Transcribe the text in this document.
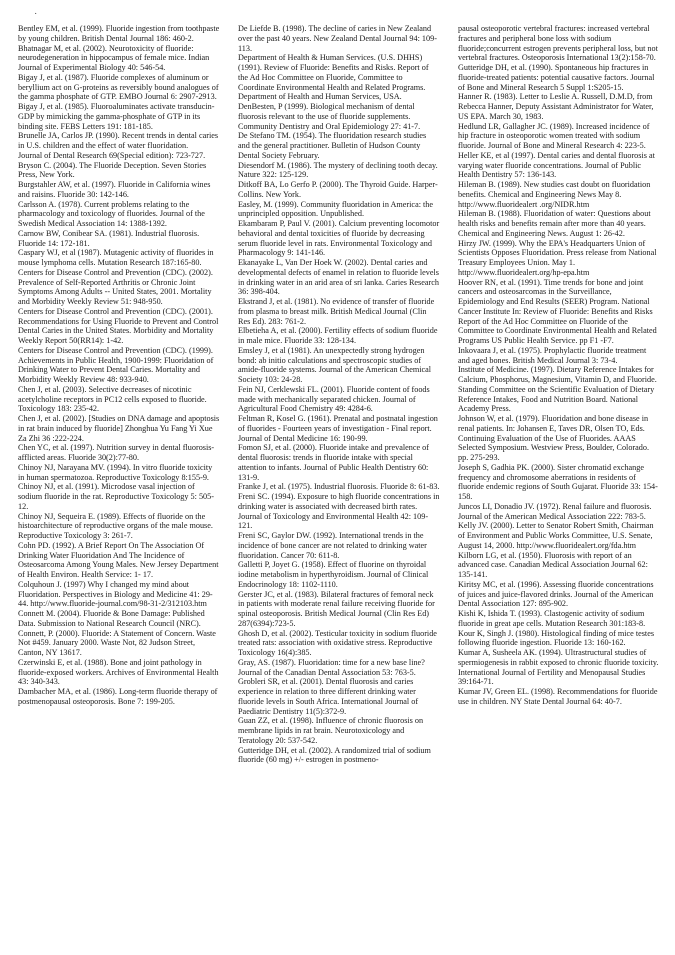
˙

Bentley EM, et al. (1999). Fluoride ingestion from toothpaste by young children. British Dental Journal 186: 460-2.

Bhatnagar M, et al. (2002). Neurotoxicity of fluoride: neurodegeneration in hippocampus of female mice. Indian Journal of Experimental Biology 40: 546-54.

Bigay J, et al. (1987). Fluoride complexes of aluminum or beryllium act on G-proteins as reversibly bound analogues of the gamma phosphate of GTP. EMBO Journal 6: 2907-2913.

Bigay J, et al. (1985). Fluoroaluminates activate transducin-GDP by mimicking the gamma-phosphate of GTP in its binding site. FEBS Letters 191: 181-185.

Brunelle JA, Carlos JP. (1990). Recent trends in dental caries in U.S. children and the effect of water fluoridation.

Journal of Dental Research 69(Special edition): 723-727.

Bryson C. (2004). The Fluoride Deception. Seven Stories Press, New York.

Burgstahler AW, et al. (1997). Fluoride in California wines and raisins. Fluoride 30: 142-146.

Carlsson A. (1978). Current problems relating to the pharmacology and toxicology of fluorides. Journal of the Swedish Medical Association 14: 1388-1392.

Carnow BW, Conibear SA. (1981). Industrial fluorosis. Fluoride 14: 172-181.

Caspary WJ, et al (1987). Mutagenic activity of fluorides in mouse lymphoma cells. Mutation Research 187:165-80.

Centers for Disease Control and Prevention (CDC). (2002). Prevalence of Self-Reported Arthritis or Chronic Joint Symptoms Among Adults -- United States, 2001. Mortality and Morbidity Weekly Review 51: 948-950.

Centers for Disease Control and Prevention (CDC). (2001). Recommendations for Using Fluoride to Prevent and Control Dental Caries in the United States. Morbidity and Mortality Weekly Report 50(RR14): 1-42.

Centers for Disease Control and Prevention (CDC). (1999). Achievements in Public Health, 1900-1999: Fluoridation of Drinking Water to Prevent Dental Caries. Mortality and Morbidity Weekly Review 48: 933-940.

Chen J, et al. (2003). Selective decreases of nicotinic acetylcholine receptors in PC12 cells exposed to fluoride. Toxicology 183: 235-42.

Chen J, et al. (2002). [Studies on DNA damage and apoptosis in rat brain induced by fluoride] Zhonghua Yu Fang Yi Xue Za Zhi 36 :222-224.

Chen YC, et al. (1997). Nutrition survey in dental fluorosis-afflicted areas. Fluoride 30(2):77-80.

Chinoy NJ, Narayana MV. (1994). In vitro fluoride toxicity in human spermatozoa. Reproductive Toxicology 8:155-9.

Chinoy NJ, et al. (1991). Microdose vasal injection of sodium fluoride in the rat. Reproductive Toxicology 5: 505-12.

Chinoy NJ, Sequeira E. (1989). Effects of fluoride on the histoarchitecture of reproductive organs of the male mouse. Reproductive Toxicology 3: 261-7.

Cohn PD. (1992). A Brief Report On The Association Of Drinking Water Fluoridation And The Incidence of Osteosarcoma Among Young Males. New Jersey Department of Health Environ. Health Service: 1- 17.

Colquhoun J. (1997) Why I changed my mind about Fluoridation. Perspectives in Biology and Medicine 41: 29-44. http://www.fluoride-journal.com/98-31-2/312103.htm

Connett M. (2004). Fluoride & Bone Damage: Published Data. Submission to National Research Council (NRC).

Connett, P. (2000). Fluoride: A Statement of Concern. Waste Not #459. January 2000. Waste Not, 82 Judson Street, Canton, NY 13617.

Czerwinski E, et al. (1988). Bone and joint pathology in fluoride-exposed workers. Archives of Environmental Health 43: 340-343.

Dambacher MA, et al. (1986). Long-term fluoride therapy of postmenopausal osteoporosis. Bone 7: 199-205.

De Liefde B. (1998). The decline of caries in New Zealand over the past 40 years. New Zealand Dental Journal 94: 109-113.

Department of Health & Human Services. (U.S. DHHS) (1991). Review of Fluoride: Benefits and Risks. Report of the Ad Hoc Committee on Fluoride, Committee to Coordinate Environmental Health and Related Programs. Department of Health and Human Services, USA.

DenBesten, P (1999). Biological mechanism of dental fluorosis relevant to the use of fluoride supplements. Community Dentistry and Oral Epidemiology 27: 41-7.

De Stefano TM. (1954). The fluoridation research studies and the general practitioner. Bulletin of Hudson County Dental Society February.

Diesendorf M. (1986). The mystery of declining tooth decay. Nature 322: 125-129.

Ditkoff BA, Lo Gerfo P. (2000). The Thyroid Guide. Harper-Collins. New York.

Easley, M. (1999). Community fluoridation in America: the unprincipled opposition. Unpublished.

Ekambaram P, Paul V. (2001). Calcium preventing locomotor behavioral and dental toxicities of fluoride by decreasing serum fluoride level in rats. Environmental Toxicology and Pharmacology 9: 141-146.

Ekanayake L, Van Der Hoek W. (2002). Dental caries and developmental defects of enamel in relation to fluoride levels in drinking water in an arid area of sri lanka. Caries Research 36: 398-404.

Ekstrand J, et al. (1981). No evidence of transfer of fluoride from plasma to breast milk. British Medical Journal (Clin Res Ed). 283: 761-2.

Elbetieha A, et al. (2000). Fertility effects of sodium fluoride in male mice. Fluoride 33: 128-134.

Emsley J, et al (1981). An unexpectedly strong hydrogen bond: ab initio calculations and spectroscopic studies of amide-fluoride systems. Journal of the American Chemical Society 103: 24-28.

Fein NJ, Cerklewski FL. (2001). Fluoride content of foods made with mechanically separated chicken. Journal of Agricultural Food Chemistry 49: 4284-6.

Feltman R, Kosel G. (1961). Prenatal and postnatal ingestion of fluorides - Fourteen years of investigation - Final report. Journal of Dental Medicine 16: 190-99.

Fomon SJ, et al. (2000). Fluoride intake and prevalence of dental fluorosis: trends in fluoride intake with special attention to infants. Journal of Public Health Dentistry 60: 131-9.

Franke J, et al. (1975). Industrial fluorosis. Fluoride 8: 61-83.

Freni SC. (1994). Exposure to high fluoride concentrations in drinking water is associated with decreased birth rates. Journal of Toxicology and Environmental Health 42: 109-121.

Freni SC, Gaylor DW. (1992). International trends in the incidence of bone cancer are not related to drinking water fluoridation. Cancer 70: 611-8.

Galletti P, Joyet G. (1958). Effect of fluorine on thyroidal iodine metabolism in hyperthyroidism. Journal of Clinical Endocrinology 18: 1102-1110.

Gerster JC, et al. (1983). Bilateral fractures of femoral neck in patients with moderate renal failure receiving fluoride for spinal osteoporosis. British Medical Journal (Clin Res Ed) 287(6394):723-5.

Ghosh D, et al. (2002). Testicular toxicity in sodium fluoride treated rats: association with oxidative stress. Reproductive Toxicology 16(4):385.

Gray, AS. (1987). Fluoridation: time for a new base line? Journal of the Canadian Dental Association 53: 763-5.

Grobleri SR, et al. (2001). Dental fluorosis and caries experience in relation to three different drinking water fluoride levels in South Africa. International Journal of Paediatric Dentistry 11(5):372-9.

Guan ZZ, et al. (1998). Influence of chronic fluorosis on membrane lipids in rat brain. Neurotoxicology and Teratology 20: 537-542.

Gutteridge DH, et al. (2002). A randomized trial of sodium fluoride (60 mg) +/- estrogen in postmeno-

pausal osteoporotic vertebral fractures: increased vertebral fractures and peripheral bone loss with sodium fluoride;concurrent estrogen prevents peripheral loss, but not vertebral fractures. Osteoporosis International 13(2):158-70.

Gutteridge DH, et al. (1990). Spontaneous hip fractures in fluoride-treated patients: potential causative factors. Journal of Bone and Mineral Research 5 Suppl 1:S205-15.

Hanner R. (1983). Letter to Leslie A. Russell, D.M.D, from Rebecca Hanner, Deputy Assistant Administrator for Water, US EPA. March 30, 1983.

Hedlund LR, Gallagher JC. (1989). Increased incidence of hip fracture in osteoporotic women treated with sodium fluoride. Journal of Bone and Mineral Research 4: 223-5.

Heller KE, et al (1997). Dental caries and dental fluorosis at varying water fluoride concentrations. Journal of Public Health Dentistry 57: 136-143.

Hileman B. (1989). New studies cast doubt on fluoridation benefits. Chemical and Engineering News May 8. http://www.fluoridealert .org/NIDR.htm

Hileman B. (1988). Fluoridation of water: Questions about health risks and benefits remain after more than 40 years. Chemical and Engineering News. August 1: 26-42.

Hirzy JW. (1999). Why the EPA's Headquarters Union of Scientists Opposes Fluoridation. Press release from National Treasury Employees Union. May 1. http://www.fluoridealert.org/hp-epa.htm

Hoover RN, et al. (1991). Time trends for bone and joint cancers and osteosarcomas in the Surveillance, Epidemiology and End Results (SEER) Program. National Cancer Institute In: Review of Fluoride: Benefits and Risks Report of the Ad Hoc Committee on Fluoride of the Committee to Coordinate Environmental Health and Related Programs US Public Health Service. pp F1 -F7.

Inkovaara J, et al. (1975). Prophylactic fluoride treatment and aged bones. British Medical Journal 3: 73-4.

Institute of Medicine. (1997). Dietary Reference Intakes for Calcium, Phosphorus, Magnesium, Vitamin D, and Fluoride. Standing Committee on the Scientific Evaluation of Dietary Reference Intakes, Food and Nutrition Board. National Academy Press.

Johnson W, et al. (1979). Fluoridation and bone disease in renal patients. In: Johansen E, Taves DR, Olsen TO, Eds. Continuing Evaluation of the Use of Fluorides. AAAS Selected Symposium. Westview Press, Boulder, Colorado. pp. 275-293.

Joseph S, Gadhia PK. (2000). Sister chromatid exchange frequency and chromosome aberrations in residents of fluoride endemic regions of South Gujarat. Fluoride 33: 154-158.

Juncos LI, Donadio JV. (1972). Renal failure and fluorosis. Journal of the American Medical Association 222: 783-5.

Kelly JV. (2000). Letter to Senator Robert Smith, Chairman of Environment and Public Works Committee, U.S. Senate, August 14, 2000. http://www.fluoridealert.org/fda.htm

Kilborn LG, et al. (1950). Fluorosis with report of an advanced case. Canadian Medical Association Journal 62: 135-141.

Kiritsy MC, et al. (1996). Assessing fluoride concentrations of juices and juice-flavored drinks. Journal of the American Dental Association 127: 895-902.

Kishi K, Ishida T. (1993). Clastogenic activity of sodium fluoride in great ape cells. Mutation Research 301:183-8.

Kour K, Singh J. (1980). Histological finding of mice testes following fluoride ingestion. Fluoride 13: 160-162.

Kumar A, Susheela AK. (1994). Ultrastructural studies of spermiogenesis in rabbit exposed to chronic fluoride toxicity. International Journal of Fertility and Menopausal Studies 39:164-71.

Kumar JV, Green EL. (1998). Recommendations for fluoride use in children. NY State Dental Journal 64: 40-7.
